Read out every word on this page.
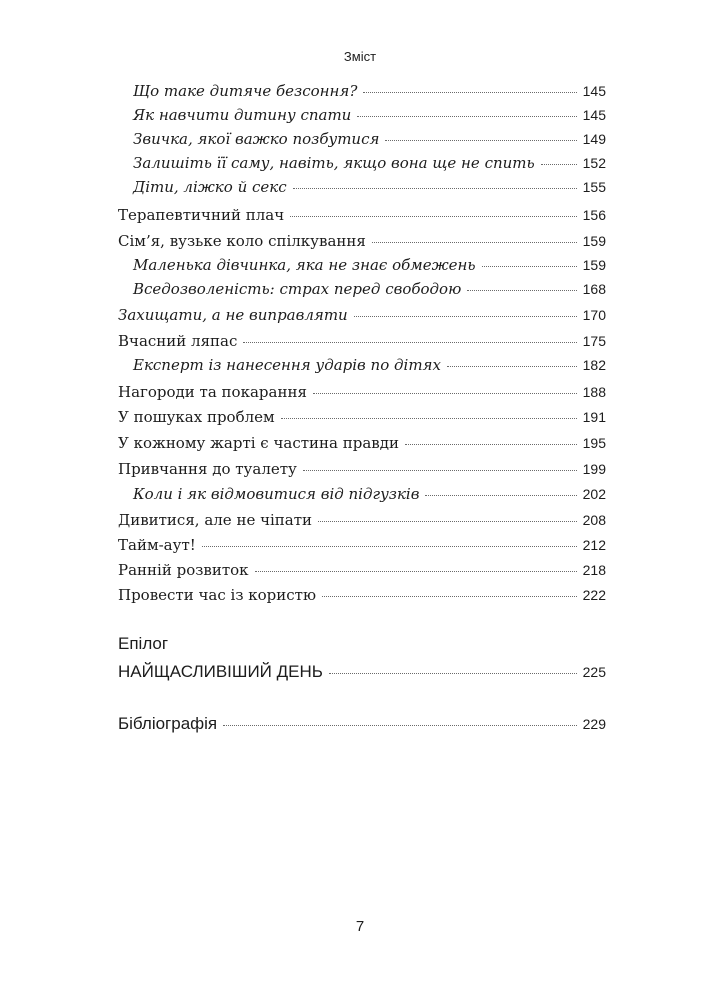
Зміст
Що таке дитяче безсоння?	145
Як навчити дитину спати	145
Звичка, якої важко позбутися	149
Залишіть її саму, навіть, якщо вона ще не спить	152
Діти, ліжко й секс	155
Терапевтичний плач	156
Сім’я, вузьке коло спілкування	159
Маленька дівчинка, яка не знає обмежень	159
Вседозволеність: страх перед свободою	168
Захищати, а не виправляти	170
Вчасний ляпас	175
Експерт із нанесення ударів по дітях	182
Нагороди та покарання	188
У пошуках проблем	191
У кожному жарті є частина правди	195
Привчання до туалету	199
Коли і як відмовитися від підгузків	202
Дивитися, але не чіпати	208
Тайм-аут!	212
Ранній розвиток	218
Провести час із користю	222
Епілог
НАЙЩАСЛИВІШИЙ ДЕНЬ	225
Бібліографія	229
7
